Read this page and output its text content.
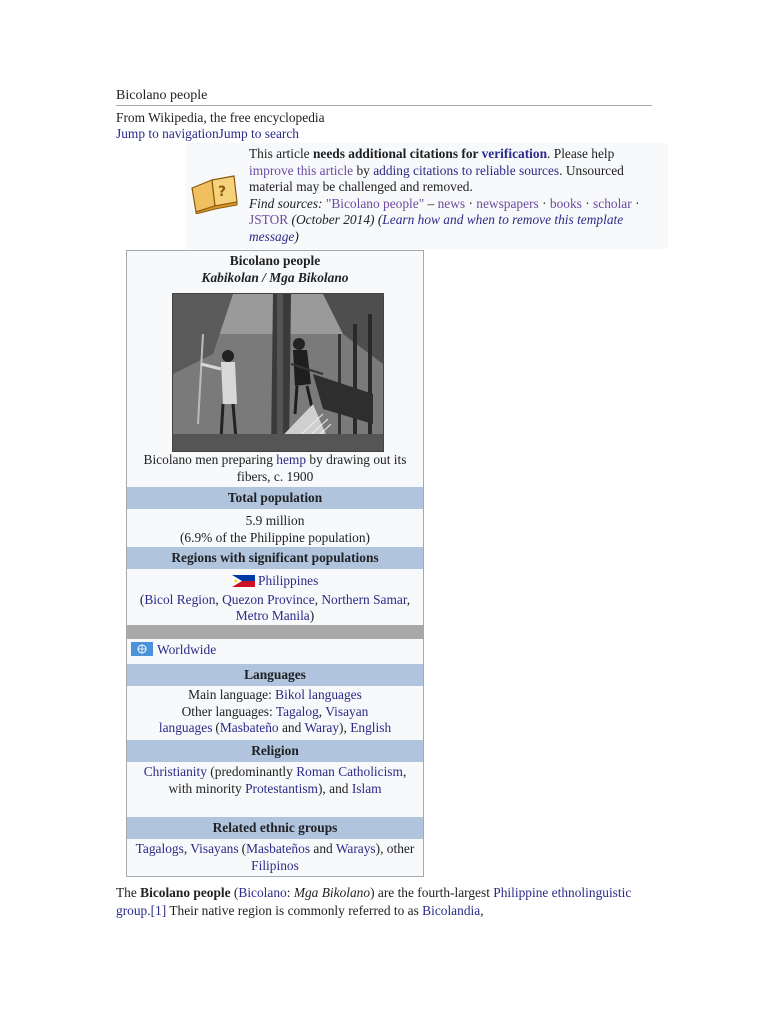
Bicolano people
From Wikipedia, the free encyclopedia
Jump to navigationJump to search
?
This article needs additional citations for verification. Please help improve this article by adding citations to reliable sources. Unsourced material may be challenged and removed.
Find sources: "Bicolano people" – news · newspapers · books · scholar · JSTOR (October 2014) (Learn how and when to remove this template message)
Bicolano people
Kabikolan / Mga Bikolano
Bicolano men preparing hemp by drawing out its fibers, c. 1900
Total population
5.9 million
(6.9% of the Philippine population)
Regions with significant populations
Philippines
(Bicol Region, Quezon Province, Northern Samar, Metro Manila)
Worldwide
Languages
Main language: Bikol languages
Other languages: Tagalog, Visayan languages (Masbateño and Waray), English
Religion
Christianity (predominantly Roman Catholicism, with minority Protestantism), and Islam
Related ethnic groups
Tagalogs, Visayans (Masbateños and Warays), other Filipinos
The Bicolano people (Bicolano: Mga Bikolano) are the fourth-largest Philippine ethnolinguistic group.[1] Their native region is commonly referred to as Bicolandia,
